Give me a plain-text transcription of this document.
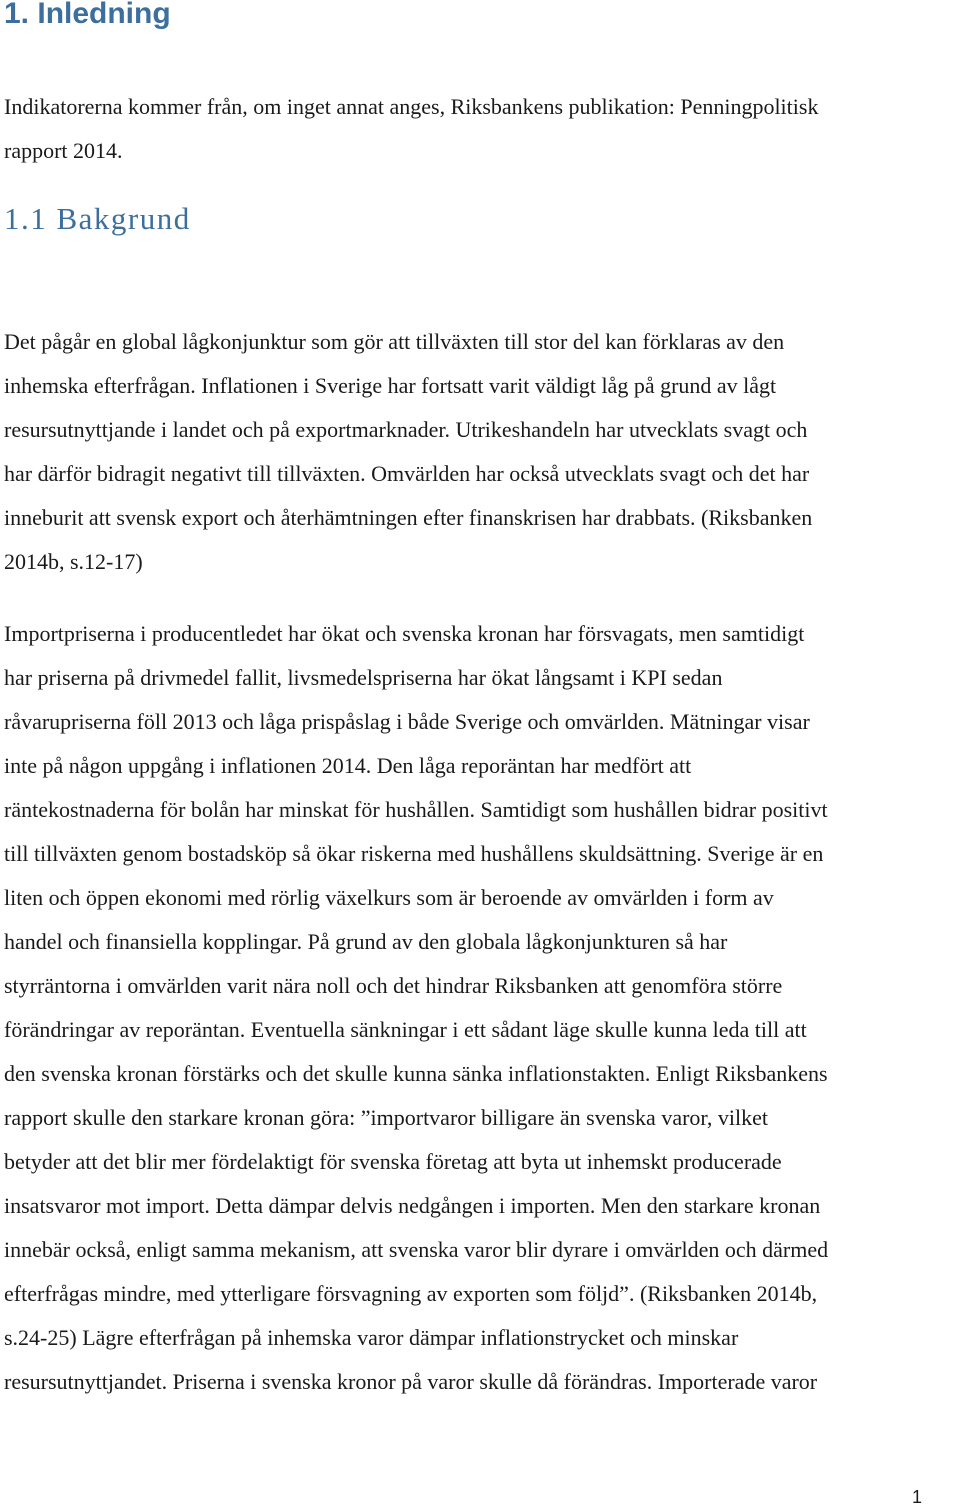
1. Inledning

Indikatorerna kommer från, om inget annat anges, Riksbankens publikation: Penningpolitisk
rapport 2014.

1.1 Bakgrund

Det pågår en global lågkonjunktur som gör att tillväxten till stor del kan förklaras av den
inhemska efterfrågan. Inflationen i Sverige har fortsatt varit väldigt låg på grund av lågt
resursutnyttjande i landet och på exportmarknader. Utrikeshandeln har utvecklats svagt och
har därför bidragit negativt till tillväxten. Omvärlden har också utvecklats svagt och det har
inneburit att svensk export och återhämtningen efter finanskrisen har drabbats. (Riksbanken
2014b, s.12-17)

Importpriserna i producentledet har ökat och svenska kronan har försvagats, men samtidigt
har priserna på drivmedel fallit, livsmedelspriserna har ökat långsamt i KPI sedan
råvarupriserna föll 2013 och låga prispåslag i både Sverige och omvärlden. Mätningar visar
inte på någon uppgång i inflationen 2014. Den låga reporäntan har medfört att
räntekostnaderna för bolån har minskat för hushållen. Samtidigt som hushållen bidrar positivt
till tillväxten genom bostadsköp så ökar riskerna med hushållens skuldsättning. Sverige är en
liten och öppen ekonomi med rörlig växelkurs som är beroende av omvärlden i form av
handel och finansiella kopplingar. På grund av den globala lågkonjunkturen så har
styrräntorna i omvärlden varit nära noll och det hindrar Riksbanken att genomföra större
förändringar av reporäntan. Eventuella sänkningar i ett sådant läge skulle kunna leda till att
den svenska kronan förstärks och det skulle kunna sänka inflationstakten. Enligt Riksbankens
rapport skulle den starkare kronan göra: ”importvaror billigare än svenska varor, vilket
betyder att det blir mer fördelaktigt för svenska företag att byta ut inhemskt producerade
insatsvaror mot import. Detta dämpar delvis nedgången i importen. Men den starkare kronan
innebär också, enligt samma mekanism, att svenska varor blir dyrare i omvärlden och därmed
efterfrågas mindre, med ytterligare försvagning av exporten som följd”. (Riksbanken 2014b,
s.24-25) Lägre efterfrågan på inhemska varor dämpar inflationstrycket och minskar
resursutnyttjandet. Priserna i svenska kronor på varor skulle då förändras. Importerade varor

1
